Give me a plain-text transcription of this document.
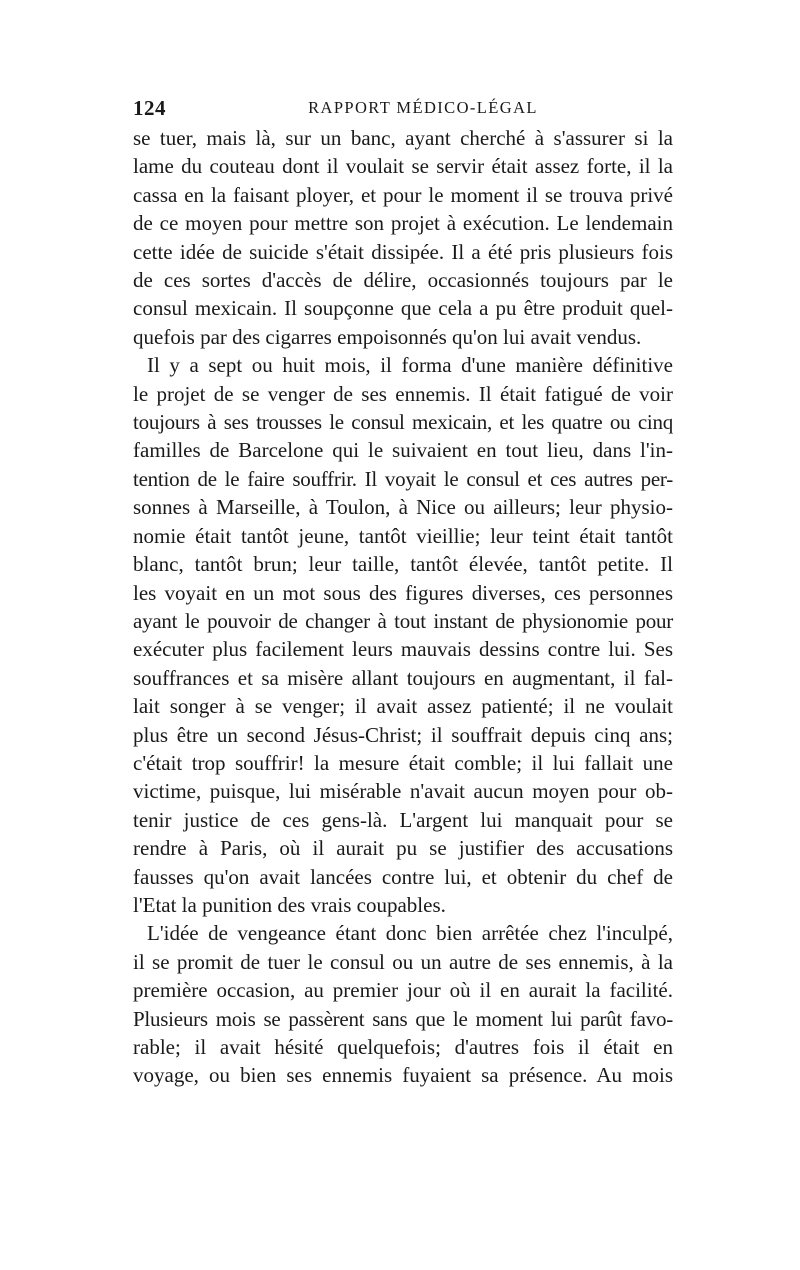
124	RAPPORT MÉDICO-LÉGAL
se tuer, mais là, sur un banc, ayant cherché à s'assurer si la
lame du couteau dont il voulait se servir était assez forte, il la
cassa en la faisant ployer, et pour le moment il se trouva privé
de ce moyen pour mettre son projet à exécution. Le lendemain
cette idée de suicide s'était dissipée. Il a été pris plusieurs fois
de ces sortes d'accès de délire, occasionnés toujours par le
consul mexicain. Il soupçonne que cela a pu être produit quel-
quefois par des cigarres empoisonnés qu'on lui avait vendus.
Il y a sept ou huit mois, il forma d'une manière définitive
le projet de se venger de ses ennemis. Il était fatigué de voir
toujours à ses trousses le consul mexicain, et les quatre ou cinq
familles de Barcelone qui le suivaient en tout lieu, dans l'in-
tention de le faire souffrir. Il voyait le consul et ces autres per-
sonnes à Marseille, à Toulon, à Nice ou ailleurs; leur physio-
nomie était tantôt jeune, tantôt vieillie; leur teint était tantôt
blanc, tantôt brun; leur taille, tantôt élevée, tantôt petite. Il
les voyait en un mot sous des figures diverses, ces personnes
ayant le pouvoir de changer à tout instant de physionomie pour
exécuter plus facilement leurs mauvais dessins contre lui. Ses
souffrances et sa misère allant toujours en augmentant, il fal-
lait songer à se venger; il avait assez patienté; il ne voulait
plus être un second Jésus-Christ; il souffrait depuis cinq ans;
c'était trop souffrir! la mesure était comble; il lui fallait une
victime, puisque, lui misérable n'avait aucun moyen pour ob-
tenir justice de ces gens-là. L'argent lui manquait pour se
rendre à Paris, où il aurait pu se justifier des accusations
fausses qu'on avait lancées contre lui, et obtenir du chef de
l'Etat la punition des vrais coupables.
L'idée de vengeance étant donc bien arrêtée chez l'inculpé,
il se promit de tuer le consul ou un autre de ses ennemis, à la
première occasion, au premier jour où il en aurait la facilité.
Plusieurs mois se passèrent sans que le moment lui parût favo-
rable; il avait hésité quelquefois; d'autres fois il était en
voyage, ou bien ses ennemis fuyaient sa présence. Au mois
